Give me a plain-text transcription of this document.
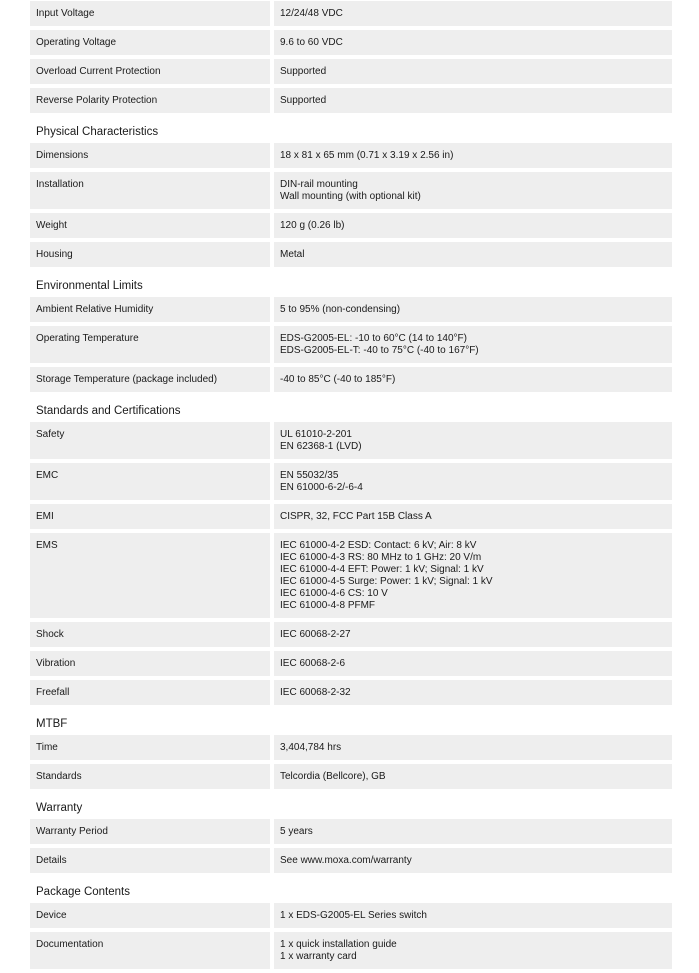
Input Voltage	12/24/48 VDC
Operating Voltage	9.6 to 60 VDC
Overload Current Protection	Supported
Reverse Polarity Protection	Supported
Physical Characteristics
Dimensions	18 x 81 x 65 mm (0.71 x 3.19 x 2.56 in)
Installation	DIN-rail mounting
Wall mounting (with optional kit)
Weight	120 g (0.26 lb)
Housing	Metal
Environmental Limits
Ambient Relative Humidity	5 to 95% (non-condensing)
Operating Temperature	EDS-G2005-EL: -10 to 60°C (14 to 140°F)
EDS-G2005-EL-T: -40 to 75°C (-40 to 167°F)
Storage Temperature (package included)	-40 to 85°C (-40 to 185°F)
Standards and Certifications
Safety	UL 61010-2-201
EN 62368-1 (LVD)
EMC	EN 55032/35
EN 61000-6-2/-6-4
EMI	CISPR, 32, FCC Part 15B Class A
EMS	IEC 61000-4-2 ESD: Contact: 6 kV; Air: 8 kV
IEC 61000-4-3 RS: 80 MHz to 1 GHz: 20 V/m
IEC 61000-4-4 EFT: Power: 1 kV; Signal: 1 kV
IEC 61000-4-5 Surge: Power: 1 kV; Signal: 1 kV
IEC 61000-4-6 CS: 10 V
IEC 61000-4-8 PFMF
Shock	IEC 60068-2-27
Vibration	IEC 60068-2-6
Freefall	IEC 60068-2-32
MTBF
Time	3,404,784 hrs
Standards	Telcordia (Bellcore), GB
Warranty
Warranty Period	5 years
Details	See www.moxa.com/warranty
Package Contents
Device	1 x EDS-G2005-EL Series switch
Documentation	1 x quick installation guide
1 x warranty card
